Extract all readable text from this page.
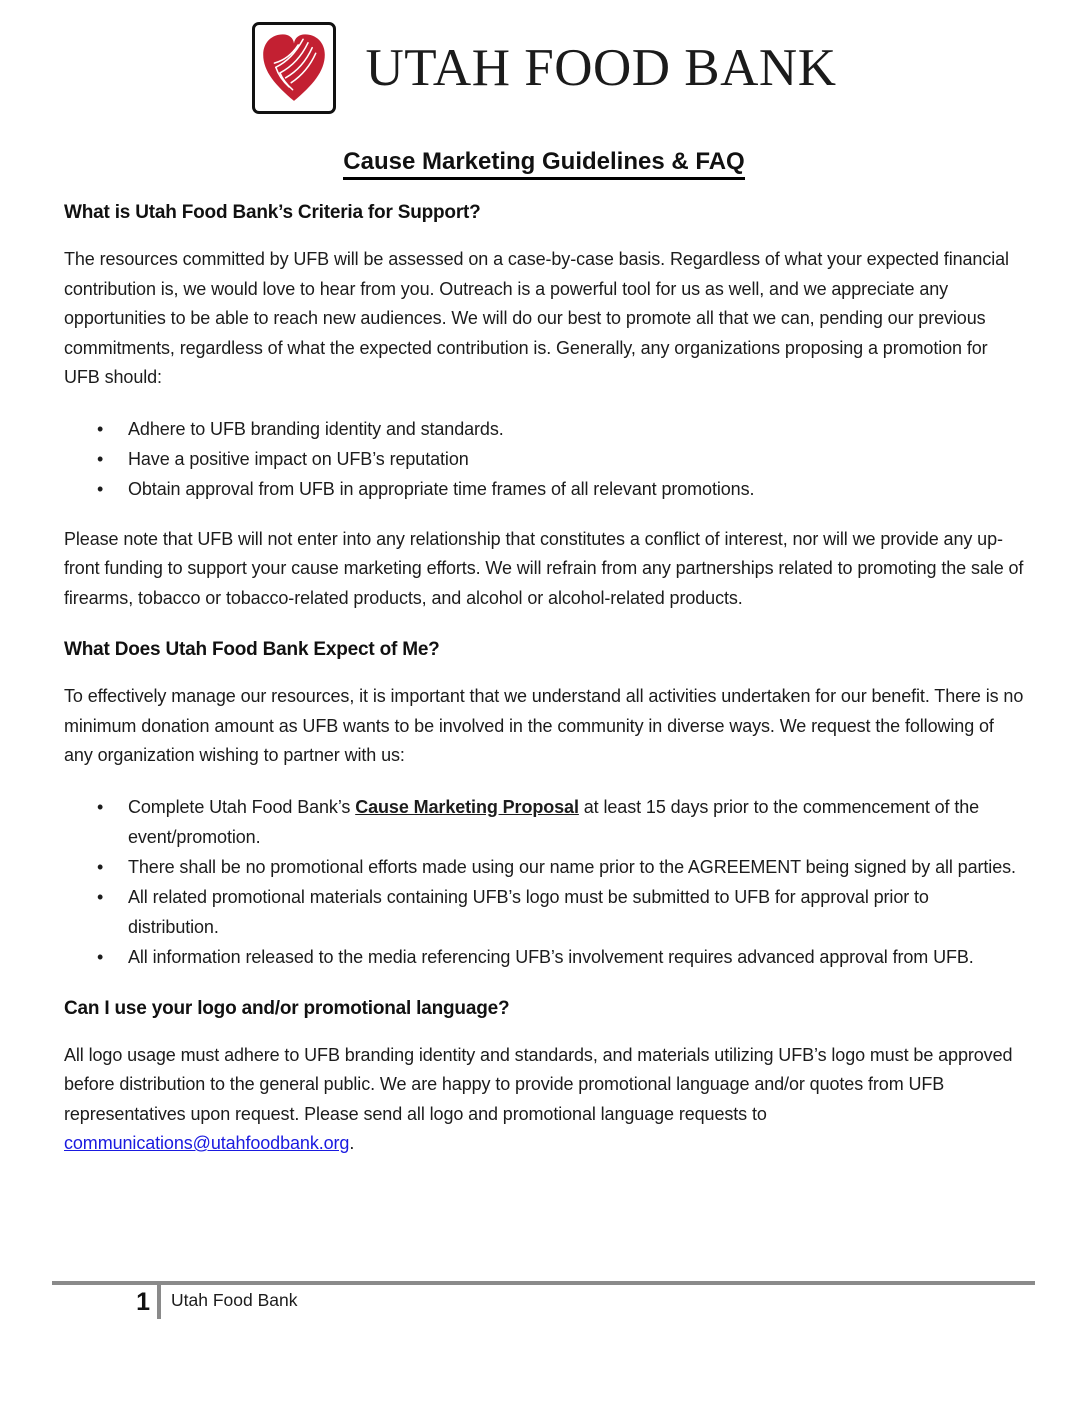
UTAH FOOD BANK
Cause Marketing Guidelines & FAQ
What is Utah Food Bank’s Criteria for Support?

The resources committed by UFB will be assessed on a case-by-case basis. Regardless of what your expected financial contribution is, we would love to hear from you. Outreach is a powerful tool for us as well, and we appreciate any opportunities to be able to reach new audiences. We will do our best to promote all that we can, pending our previous commitments, regardless of what the expected contribution is. Generally, any organizations proposing a promotion for UFB should:

• Adhere to UFB branding identity and standards.
• Have a positive impact on UFB’s reputation
• Obtain approval from UFB in appropriate time frames of all relevant promotions.

Please note that UFB will not enter into any relationship that constitutes a conflict of interest, nor will we provide any up-front funding to support your cause marketing efforts. We will refrain from any partnerships related to promoting the sale of firearms, tobacco or tobacco-related products, and alcohol or alcohol-related products.

What Does Utah Food Bank Expect of Me?

To effectively manage our resources, it is important that we understand all activities undertaken for our benefit. There is no minimum donation amount as UFB wants to be involved in the community in diverse ways. We request the following of any organization wishing to partner with us:

• Complete Utah Food Bank’s Cause Marketing Proposal at least 15 days prior to the commencement of the event/promotion.
• There shall be no promotional efforts made using our name prior to the AGREEMENT being signed by all parties.
• All related promotional materials containing UFB’s logo must be submitted to UFB for approval prior to distribution.
• All information released to the media referencing UFB’s involvement requires advanced approval from UFB.
Can I use your logo and/or promotional language?

All logo usage must adhere to UFB branding identity and standards, and materials utilizing UFB’s logo must be approved before distribution to the general public. We are happy to provide promotional language and/or quotes from UFB representatives upon request. Please send all logo and promotional language requests to communications@utahfoodbank.org.

1 Utah Food Bank
